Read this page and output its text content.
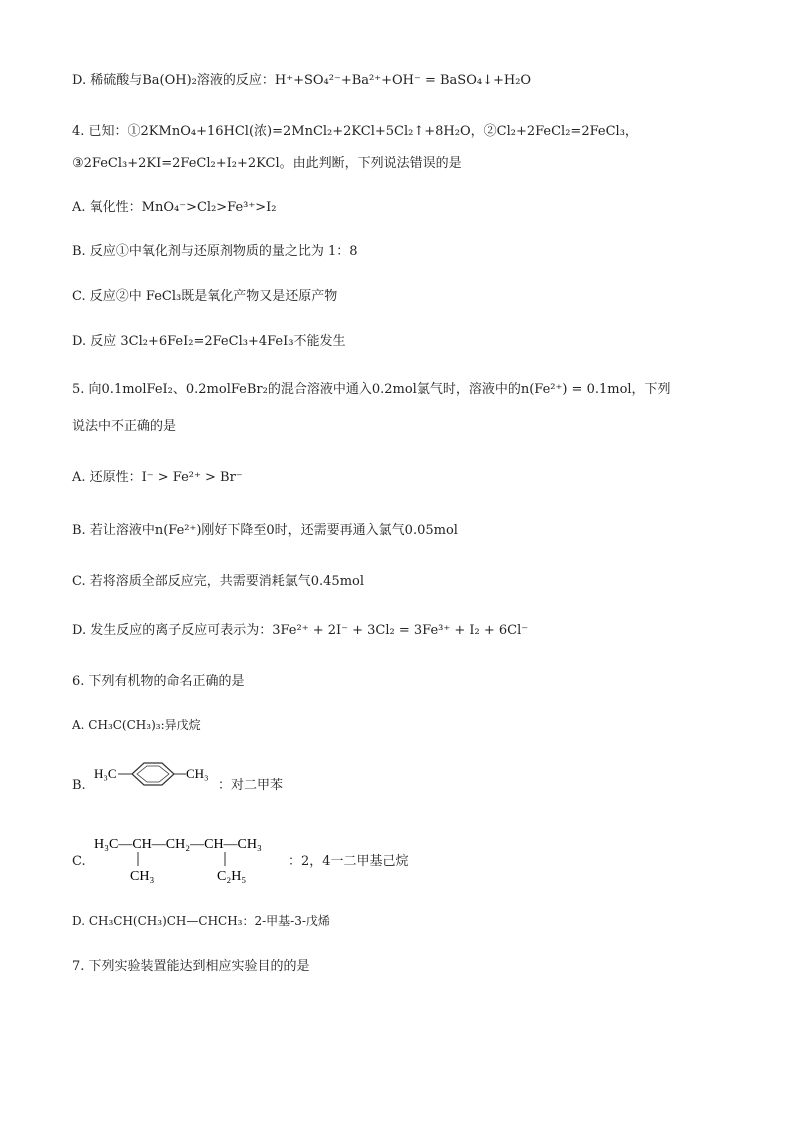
D. 稀硫酸与Ba(OH)₂溶液的反应：H⁺+SO₄²⁻+Ba²⁺+OH⁻ = BaSO₄↓+H₂O
4. 已知：①2KMnO₄+16HCl(浓)=2MnCl₂+2KCl+5Cl₂↑+8H₂O，②Cl₂+2FeCl₂=2FeCl₃，
③2FeCl₃+2KI=2FeCl₂+I₂+2KCl。由此判断，下列说法错误的是
A. 氧化性：MnO₄⁻>Cl₂>Fe³⁺>I₂
B. 反应①中氧化剂与还原剂物质的量之比为 1：8
C. 反应②中 FeCl₃既是氧化产物又是还原产物
D. 反应 3Cl₂+6FeI₂=2FeCl₃+4FeI₃不能发生
5. 向0.1molFeI₂、0.2molFeBr₂的混合溶液中通入0.2mol氯气时，溶液中的n(Fe²⁺) = 0.1mol，下列
说法中不正确的是
A. 还原性：I⁻ > Fe²⁺ > Br⁻
B. 若让溶液中n(Fe²⁺)刚好下降至0时，还需要再通入氯气0.05mol
C. 若将溶质全部反应完，共需要消耗氯气0.45mol
D. 发生反应的离子反应可表示为：3Fe²⁺ + 2I⁻ + 3Cl₂ = 3Fe³⁺ + I₂ + 6Cl⁻
6. 下列有机物的命名正确的是
A. CH₃C(CH₃)₃:异戊烷
B.
H₃C	CH₃
：对二甲苯
C.
H₃C—CH—CH₂—CH—CH₃
CH₃	C₂H₅
：2，4一二甲基己烷
D. CH₃CH(CH₃)CH—CHCH₃：2-甲基-3-戊烯
7. 下列实验装置能达到相应实验目的的是
